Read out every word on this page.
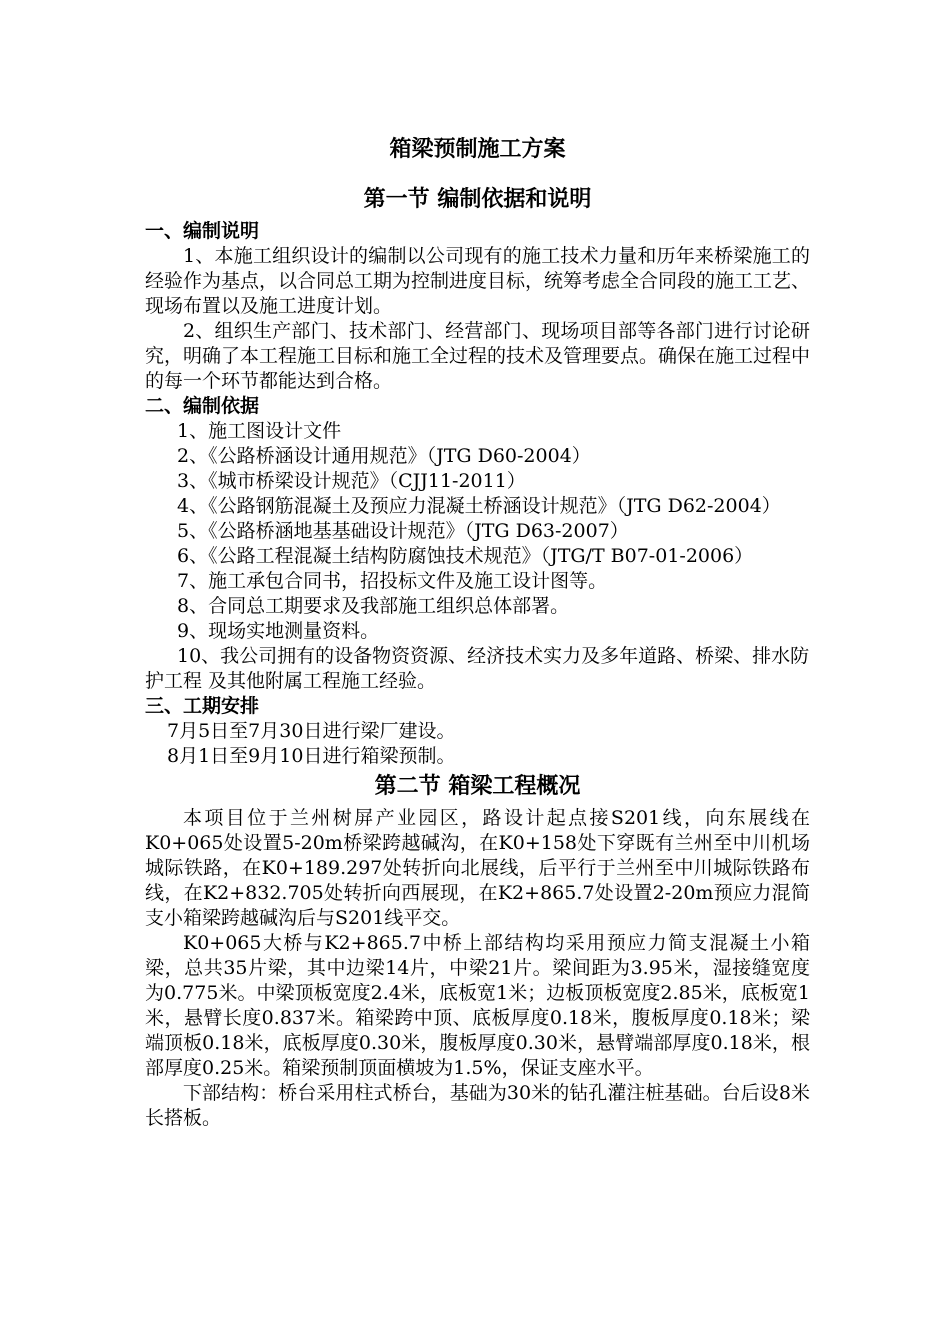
箱梁预制施工方案
第一节 编制依据和说明

一、编制说明

1、本施工组织设计的编制以公司现有的施工技术力量和历年来桥梁施工的经验作为基点，以合同总工期为控制进度目标，统筹考虑全合同段的施工工艺、现场布置以及施工进度计划。

2、组织生产部门、技术部门、经营部门、现场项目部等各部门进行讨论研究，明确了本工程施工目标和施工全过程的技术及管理要点。确保在施工过程中的每一个环节都能达到合格。

二、编制依据

1、施工图设计文件

2、《公路桥涵设计通用规范》（JTG D60-2004）

3、《城市桥梁设计规范》（CJJ11-2011）

4、《公路钢筋混凝土及预应力混凝土桥涵设计规范》（JTG D62-2004）

5、《公路桥涵地基基础设计规范》（JTG D63-2007）

6、《公路工程混凝土结构防腐蚀技术规范》（JTG/T B07-01-2006）

7、施工承包合同书，招投标文件及施工设计图等。

8、合同总工期要求及我部施工组织总体部署。

9、现场实地测量资料。

10、我公司拥有的设备物资资源、经济技术实力及多年道路、桥梁、排水防护工程 及其他附属工程施工经验。

三、工期安排

7月5日至7月30日进行梁厂建设。

8月1日至9月10日进行箱梁预制。

第二节 箱梁工程概况

本项目位于兰州树屏产业园区，路设计起点接S201线，向东展线在K0+065处设置5-20m桥梁跨越碱沟，在K0+158处下穿既有兰州至中川机场城际铁路，在K0+189.297处转折向北展线，后平行于兰州至中川城际铁路布线，在K2+832.705处转折向西展现，在K2+865.7处设置2-20m预应力混简支小箱梁跨越碱沟后与S201线平交。

K0+065大桥与K2+865.7中桥上部结构均采用预应力简支混凝土小箱梁，总共35片梁，其中边梁14片，中梁21片。梁间距为3.95米，湿接缝宽度为0.775米。中梁顶板宽度2.4米，底板宽1米；边板顶板宽度2.85米，底板宽1米，悬臂长度0.837米。箱梁跨中顶、底板厚度0.18米，腹板厚度0.18米；梁端顶板0.18米，底板厚度0.30米，腹板厚度0.30米，悬臂端部厚度0.18米，根部厚度0.25米。箱梁预制顶面横坡为1.5%，保证支座水平。

下部结构：桥台采用柱式桥台，基础为30米的钻孔灌注桩基础。台后设8米长搭板。
